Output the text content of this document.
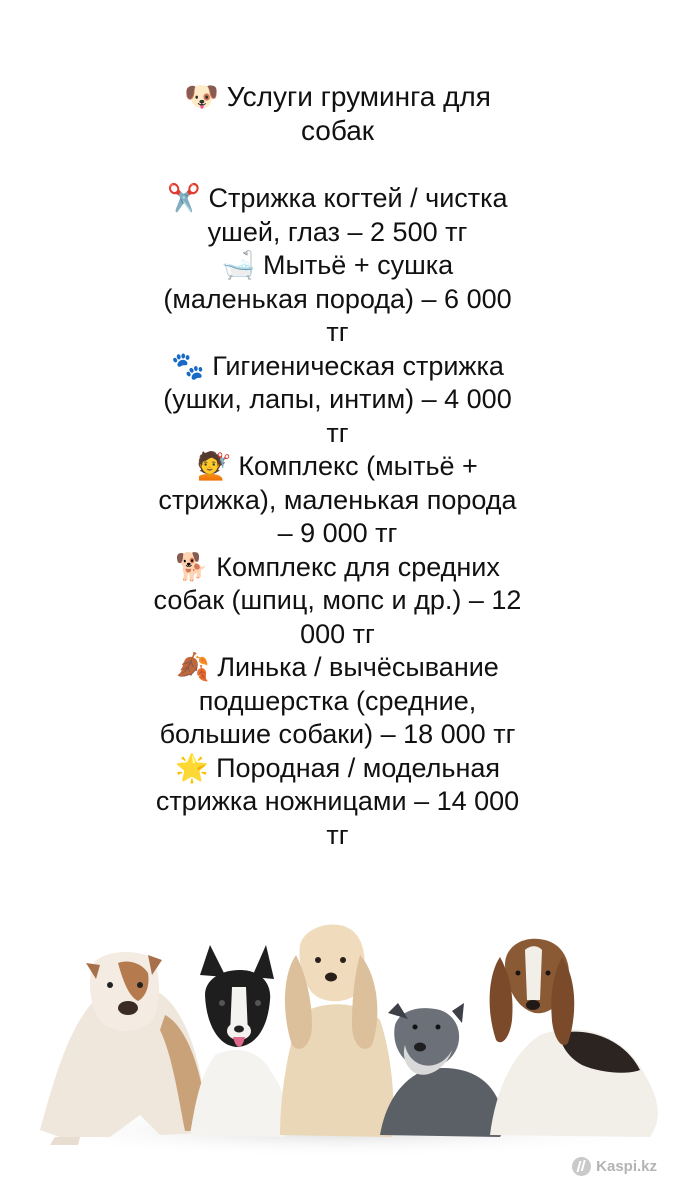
🐶 Услуги груминга для собак
✂️ Стрижка когтей / чистка ушей, глаз – 2 500 тг
🛁 Мытьё + сушка (маленькая порода) – 6 000 тг
🐾 Гигиеническая стрижка (ушки, лапы, интим) – 4 000 тг
💇 Комплекс (мытьё + стрижка), маленькая порода – 9 000 тг
🐕 Комплекс для средних собак (шпиц, мопс и др.) – 12 000 тг
🍂 Линька / вычёсывание подшерстка (средние, большие собаки) – 18 000 тг
🌟 Породная / модельная стрижка ножницами – 14 000 тг
Kaspi.kz
